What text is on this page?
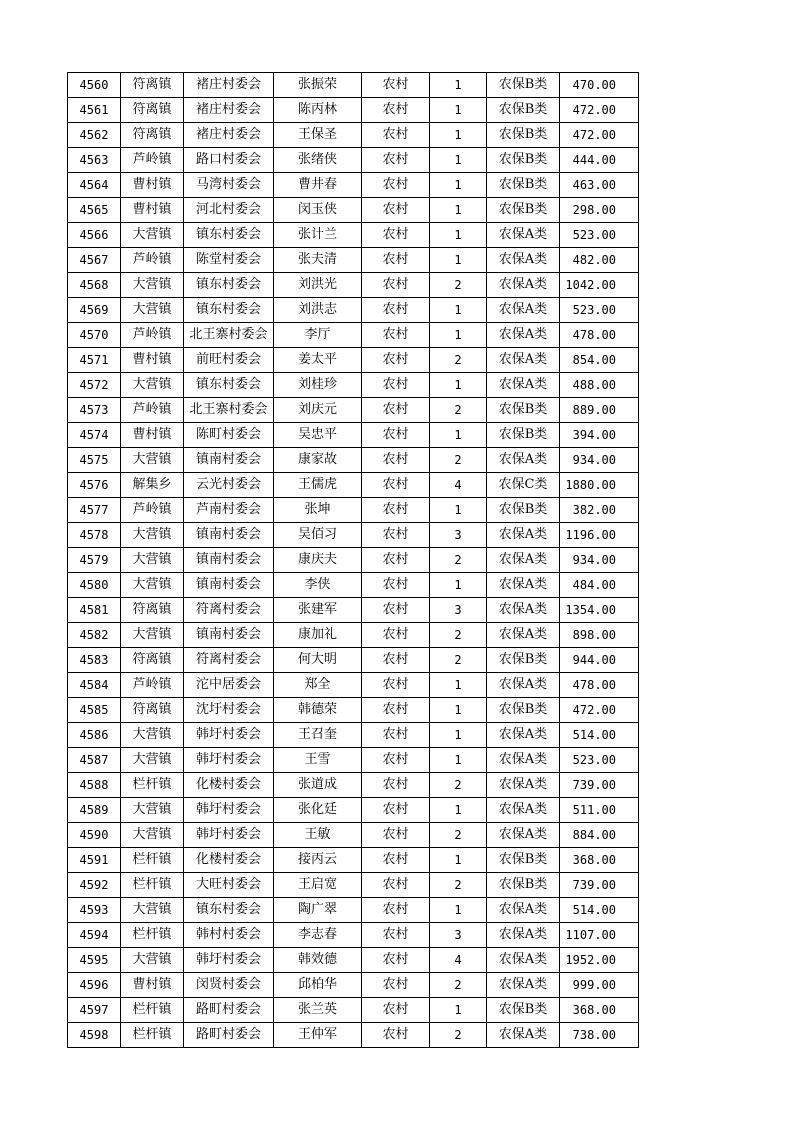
4560	符离镇	褚庄村委会	张振荣	农村	1	农保B类	470.00
4561	符离镇	褚庄村委会	陈丙林	农村	1	农保B类	472.00
4562	符离镇	褚庄村委会	王保圣	农村	1	农保B类	472.00
4563	芦岭镇	路口村委会	张绪侠	农村	1	农保B类	444.00
4564	曹村镇	马湾村委会	曹井春	农村	1	农保B类	463.00
4565	曹村镇	河北村委会	闵玉侠	农村	1	农保B类	298.00
4566	大营镇	镇东村委会	张计兰	农村	1	农保A类	523.00
4567	芦岭镇	陈堂村委会	张夫清	农村	1	农保A类	482.00
4568	大营镇	镇东村委会	刘洪光	农村	2	农保A类	1042.00
4569	大营镇	镇东村委会	刘洪志	农村	1	农保A类	523.00
4570	芦岭镇	北王寨村委会	李厅	农村	1	农保A类	478.00
4571	曹村镇	前旺村委会	姜太平	农村	2	农保A类	854.00
4572	大营镇	镇东村委会	刘桂珍	农村	1	农保A类	488.00
4573	芦岭镇	北王寨村委会	刘庆元	农村	2	农保B类	889.00
4574	曹村镇	陈町村委会	吴忠平	农村	1	农保B类	394.00
4575	大营镇	镇南村委会	康家故	农村	2	农保A类	934.00
4576	解集乡	云光村委会	王儒虎	农村	4	农保C类	1880.00
4577	芦岭镇	芦南村委会	张坤	农村	1	农保B类	382.00
4578	大营镇	镇南村委会	吴佰习	农村	3	农保A类	1196.00
4579	大营镇	镇南村委会	康庆夫	农村	2	农保A类	934.00
4580	大营镇	镇南村委会	李侠	农村	1	农保A类	484.00
4581	符离镇	符离村委会	张建军	农村	3	农保A类	1354.00
4582	大营镇	镇南村委会	康加礼	农村	2	农保A类	898.00
4583	符离镇	符离村委会	何大明	农村	2	农保B类	944.00
4584	芦岭镇	沱中居委会	郑全	农村	1	农保A类	478.00
4585	符离镇	沈圩村委会	韩德荣	农村	1	农保B类	472.00
4586	大营镇	韩圩村委会	王召奎	农村	1	农保A类	514.00
4587	大营镇	韩圩村委会	王雪	农村	1	农保A类	523.00
4588	栏杆镇	化楼村委会	张道成	农村	2	农保A类	739.00
4589	大营镇	韩圩村委会	张化廷	农村	1	农保A类	511.00
4590	大营镇	韩圩村委会	王敏	农村	2	农保A类	884.00
4591	栏杆镇	化楼村委会	接丙云	农村	1	农保B类	368.00
4592	栏杆镇	大旺村委会	王启宽	农村	2	农保B类	739.00
4593	大营镇	镇东村委会	陶广翠	农村	1	农保A类	514.00
4594	栏杆镇	韩村村委会	李志春	农村	3	农保A类	1107.00
4595	大营镇	韩圩村委会	韩效德	农村	4	农保A类	1952.00
4596	曹村镇	闵贤村委会	邱柏华	农村	2	农保A类	999.00
4597	栏杆镇	路町村委会	张兰英	农村	1	农保B类	368.00
4598	栏杆镇	路町村委会	王仲军	农村	2	农保A类	738.00
